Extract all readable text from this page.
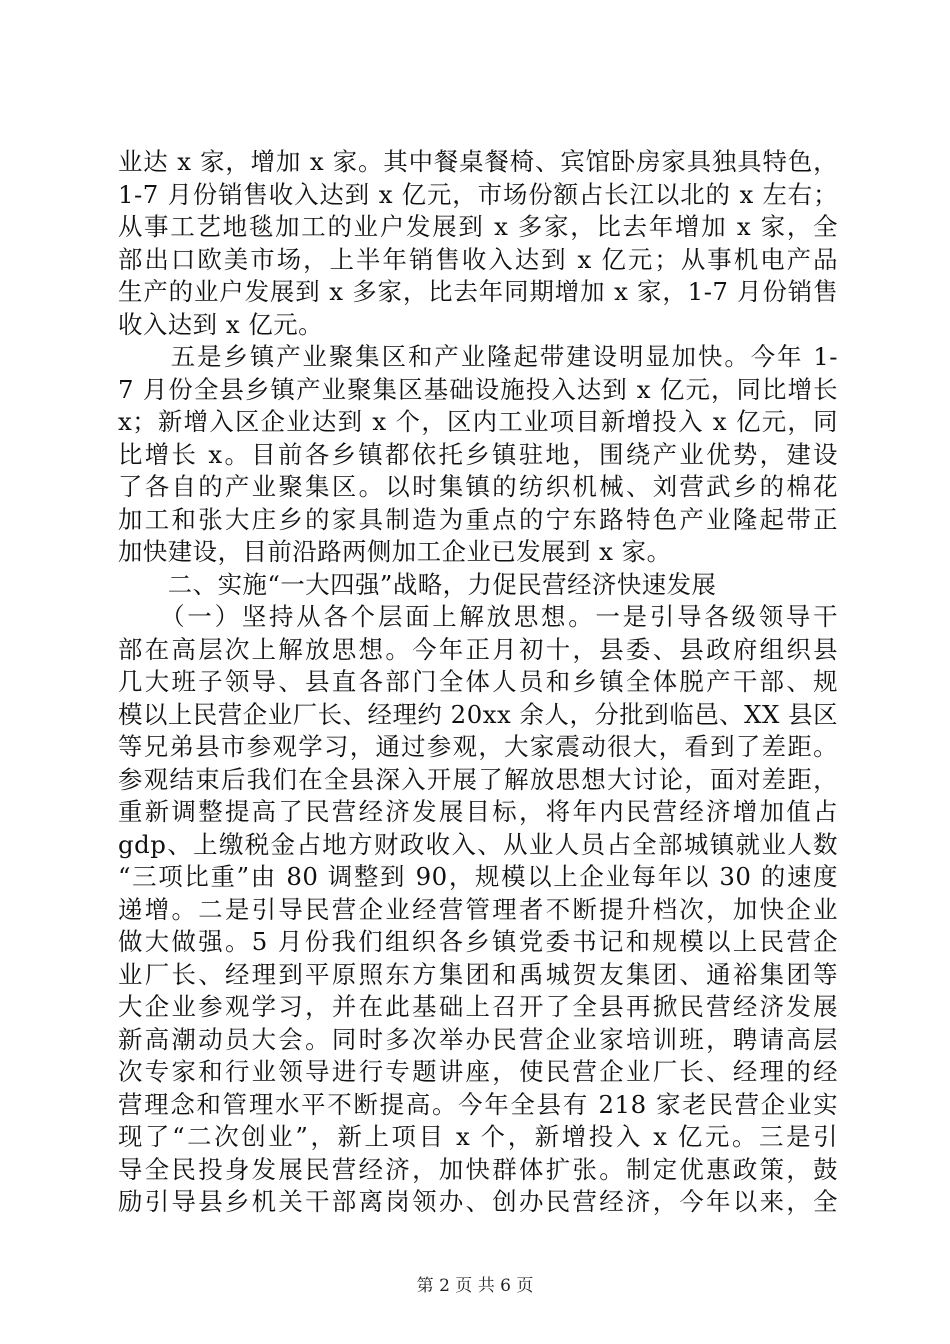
业达 x 家，增加 x 家。其中餐桌餐椅、宾馆卧房家具独具特色，
1-7 月份销售收入达到 x 亿元，市场份额占长江以北的 x 左右；
从事工艺地毯加工的业户发展到 x 多家，比去年增加 x 家，全
部出口欧美市场，上半年销售收入达到 x 亿元；从事机电产品
生产的业户发展到 x 多家，比去年同期增加 x 家，1-7 月份销售
收入达到 x 亿元。
　　五是乡镇产业聚集区和产业隆起带建设明显加快。今年 1-
7 月份全县乡镇产业聚集区基础设施投入达到 x 亿元，同比增长
x；新增入区企业达到 x 个，区内工业项目新增投入 x 亿元，同
比增长 x。目前各乡镇都依托乡镇驻地，围绕产业优势，建设
了各自的产业聚集区。以时集镇的纺织机械、刘营武乡的棉花
加工和张大庄乡的家具制造为重点的宁东路特色产业隆起带正
加快建设，目前沿路两侧加工企业已发展到 x 家。
　　二、实施“一大四强”战略，力促民营经济快速发展
　　（一）坚持从各个层面上解放思想。一是引导各级领导干
部在高层次上解放思想。今年正月初十，县委、县政府组织县
几大班子领导、县直各部门全体人员和乡镇全体脱产干部、规
模以上民营企业厂长、经理约 20xx 余人，分批到临邑、XX 县区
等兄弟县市参观学习，通过参观，大家震动很大，看到了差距。
参观结束后我们在全县深入开展了解放思想大讨论，面对差距，
重新调整提高了民营经济发展目标，将年内民营经济增加值占
gdp、上缴税金占地方财政收入、从业人员占全部城镇就业人数
“三项比重”由 80 调整到 90，规模以上企业每年以 30 的速度
递增。二是引导民营企业经营管理者不断提升档次，加快企业
做大做强。5 月份我们组织各乡镇党委书记和规模以上民营企
业厂长、经理到平原照东方集团和禹城贺友集团、通裕集团等
大企业参观学习，并在此基础上召开了全县再掀民营经济发展
新高潮动员大会。同时多次举办民营企业家培训班，聘请高层
次专家和行业领导进行专题讲座，使民营企业厂长、经理的经
营理念和管理水平不断提高。今年全县有 218 家老民营企业实
现了“二次创业”，新上项目 x 个，新增投入 x 亿元。三是引
导全民投身发展民营经济，加快群体扩张。制定优惠政策，鼓
励引导县乡机关干部离岗领办、创办民营经济，今年以来，全
第 2 页 共 6 页
